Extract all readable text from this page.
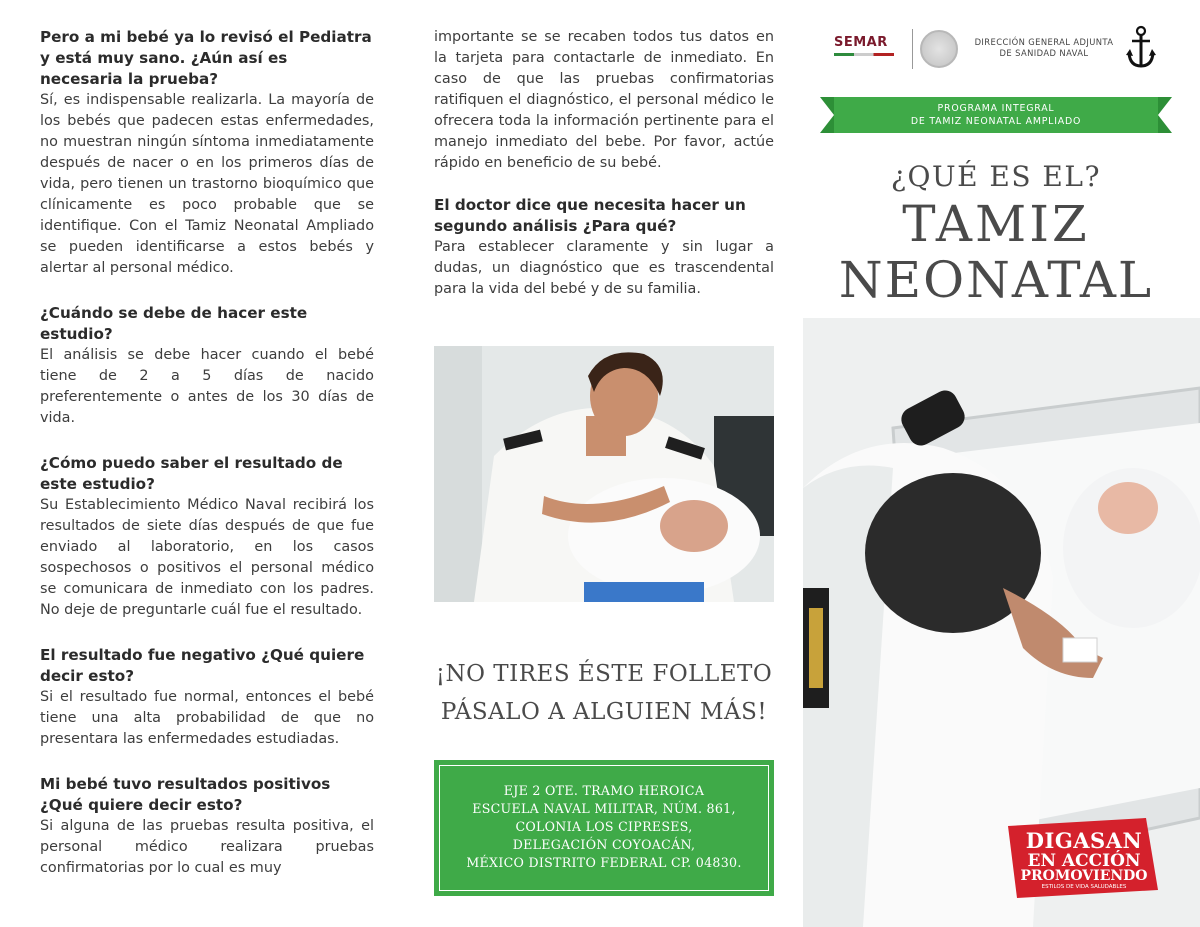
Pero a mi bebé ya lo revisó el Pediatra y está muy sano. ¿Aún así es necesaria la prueba?
Sí, es indispensable realizarla. La mayoría de los bebés que padecen estas enfermedades, no muestran ningún síntoma inmediatamente después de nacer o en los primeros días de vida, pero tienen un trastorno bioquímico que clínicamente es poco probable que se identifique. Con el Tamiz Neonatal Ampliado se pueden identificarse a estos bebés y alertar al personal médico.
¿Cuándo se debe de hacer este estudio?
El análisis se debe hacer cuando el bebé tiene de 2 a 5 días de nacido preferentemente o antes de los 30 días de vida.
¿Cómo puedo saber el resultado de este estudio?
Su Establecimiento Médico Naval recibirá los resultados de siete días después de que fue enviado al laboratorio, en los casos sospechosos o positivos el personal médico se comunicara de inmediato con los padres. No deje de preguntarle cuál fue el resultado.
El resultado fue negativo ¿Qué quiere decir esto?
Si el resultado fue normal, entonces el bebé tiene una alta probabilidad de que no presentara las enfermedades estudiadas.
Mi bebé tuvo resultados positivos ¿Qué quiere decir esto?
Si alguna de las pruebas resulta positiva, el personal médico realizara pruebas confirmatorias por lo cual es muy
importante se se recaben todos tus datos en la tarjeta para contactarle de inmediato. En caso de que las pruebas confirmatorias ratifiquen el diagnóstico, el personal médico le ofrecera toda la información pertinente para el manejo inmediato del bebe. Por favor, actúe rápido en beneficio de su bebé.
El doctor dice que necesita hacer un segundo análisis ¿Para qué?
Para establecer claramente y sin lugar a dudas, un diagnóstico que es trascendental para la vida del bebé y de su familia.
¡NO TIRES ÉSTE FOLLETO
PÁSALO A ALGUIEN MÁS!
EJE 2 OTE. TRAMO HEROICA
ESCUELA NAVAL MILITAR, NÚM. 861,
COLONIA LOS CIPRESES,
DELEGACIÓN COYOACÁN,
MÉXICO DISTRITO FEDERAL CP. 04830.
SEMAR	DIRECCIÓN GENERAL ADJUNTA
DE SANIDAD NAVAL
PROGRAMA INTEGRAL
DE TAMIZ NEONATAL AMPLIADO
¿QUÉ ES EL?
TAMIZ
NEONATAL
DIGASAN
EN ACCIÓN
PROMOVIENDO
ESTILOS DE VIDA SALUDABLES
